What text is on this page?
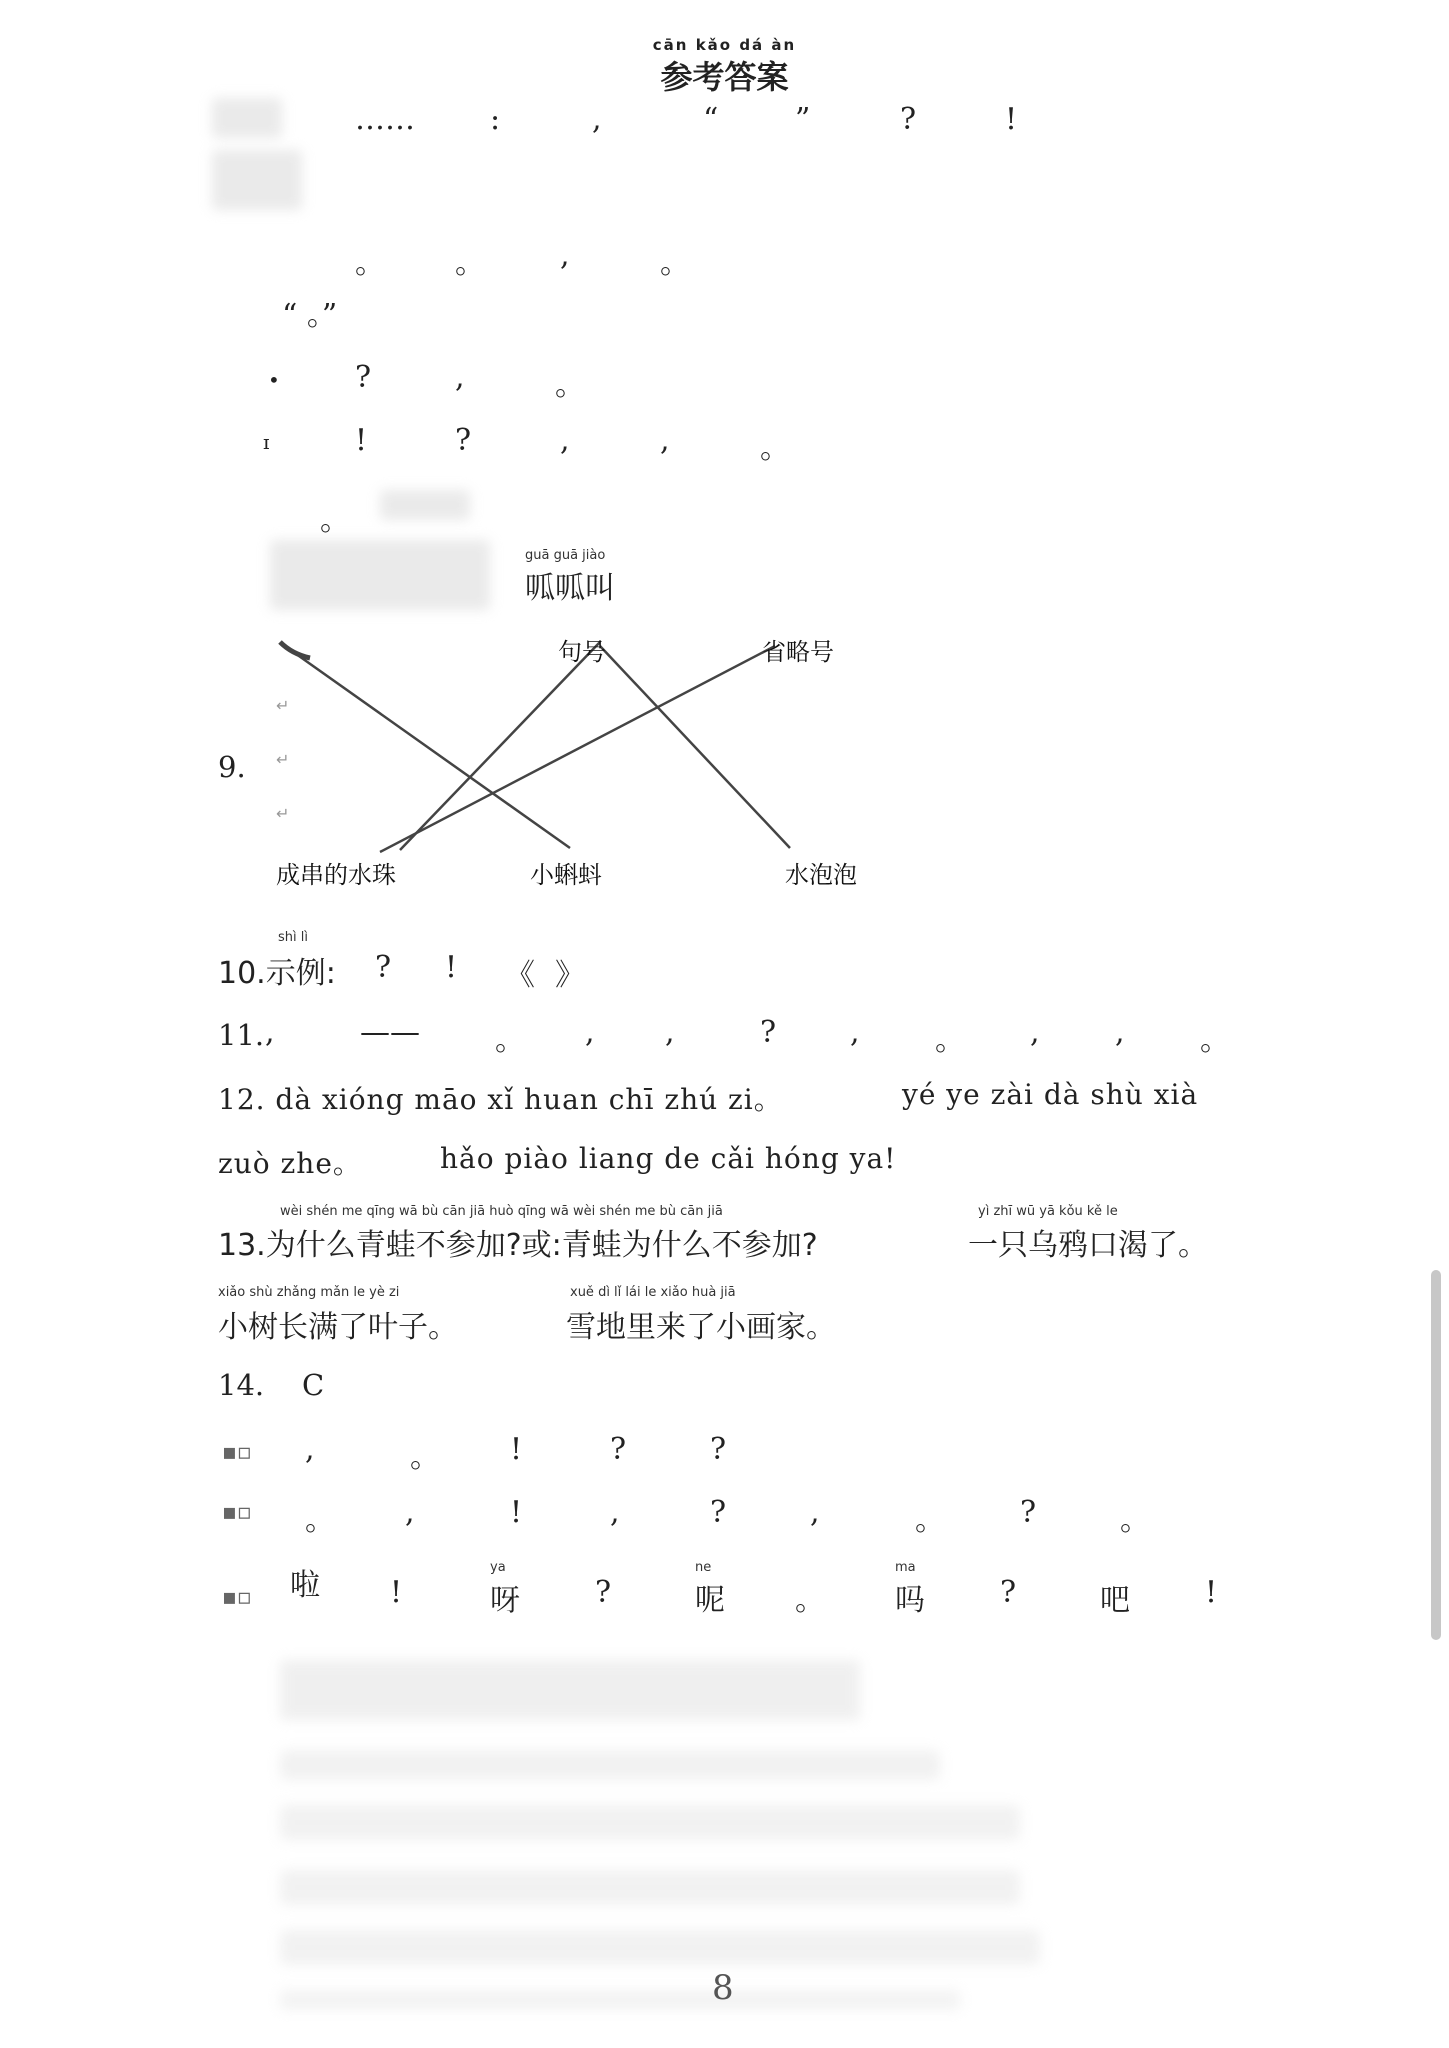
cān kǎo dá àn
参考答案
……	:	,	“	”	?	!
。 。	,	。
“ 。”
?	,	。
•
!	?	,	,	。
ɪ
。
guā guā jiào
呱呱叫
9.
↵
↵
↵
句号	省略号
成串的水珠	小蝌蚪	水泡泡
shì lì
10.示例: ? ! 《 》
11. ,	——	。 , ,	? ,	。 ,	,	。
12. dà xióng māo xǐ huan chī zhú zi。	yé ye zài dà shù xià
zuò zhe。	hǎo piào liang de cǎi hóng ya!
wèi shén me qīng wā bù cān jiā huò qīng wā wèi shén me bù cān jiā
13.为什么青蛙不参加?或:青蛙为什么不参加?
yì zhī wū yā kǒu kě le
一只乌鸦口渴了。
xiǎo shù zhǎng mǎn le yè zi
小树长满了叶子。
xuě dì lǐ lái le xiǎo huà jiā
雪地里来了小画家。
14. C
▪▫ ,	。 !	?	?
▪▫ 。 ,	!	,	?	,	。	?	。
▪▫ 啦
!
ya
呀
	?
ne
呢
。
ma
吗
	?
	吧
	!
8
